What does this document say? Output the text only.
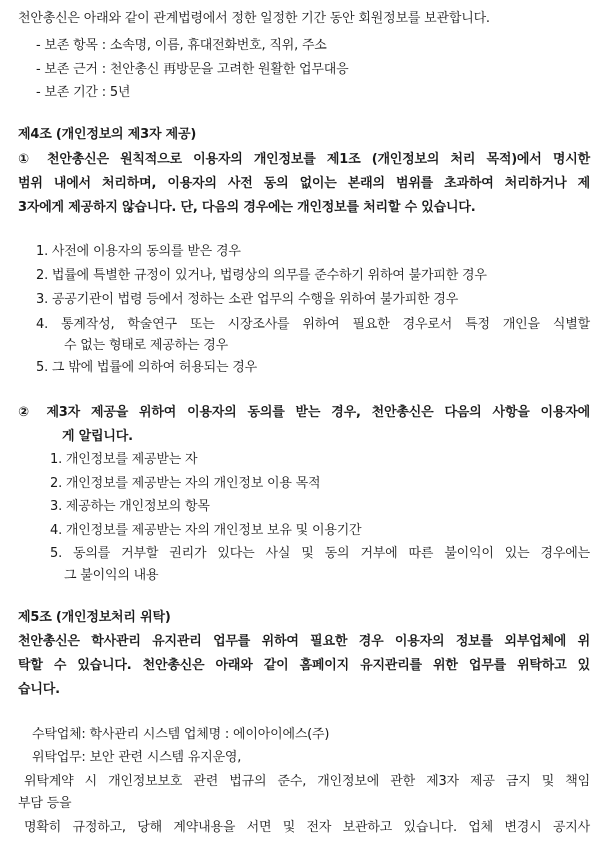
천안총신은 아래와 같이 관계법령에서 정한 일정한 기간 동안 회원정보를 보관합니다.
- 보존 항목 : 소속명, 이름, 휴대전화번호, 직위, 주소
- 보존 근거 : 천안총신 再방문을 고려한 원활한 업무대응
- 보존 기간 : 5년
제4조 (개인정보의 제3자 제공)
① 천안총신은 원칙적으로 이용자의 개인정보를 제1조 (개인정보의 처리 목적)에서 명시한
범위 내에서 처리하며, 이용자의 사전 동의 없이는 본래의 범위를 초과하여 처리하거나 제
3자에게 제공하지 않습니다. 단, 다음의 경우에는 개인정보를 처리할 수 있습니다.
1. 사전에 이용자의 동의를 받은 경우
2. 법률에 특별한 규정이 있거나, 법령상의 의무를 준수하기 위하여 불가피한 경우
3. 공공기관이 법령 등에서 정하는 소관 업무의 수행을 위하여 불가피한 경우
4. 통계작성, 학술연구 또는 시장조사를 위하여 필요한 경우로서 특정 개인을 식별할
수 없는 형태로 제공하는 경우
5. 그 밖에 법률에 의하여 허용되는 경우
② 제3자 제공을 위하여 이용자의 동의를 받는 경우, 천안총신은 다음의 사항을 이용자에
게 알립니다.
1. 개인정보를 제공받는 자
2. 개인정보를 제공받는 자의 개인정보 이용 목적
3. 제공하는 개인정보의 항목
4. 개인정보를 제공받는 자의 개인정보 보유 및 이용기간
5. 동의를 거부할 권리가 있다는 사실 및 동의 거부에 따른 불이익이 있는 경우에는
그 불이익의 내용
제5조 (개인정보처리 위탁)
천안총신은 학사관리 유지관리 업무를 위하여 필요한 경우 이용자의 정보를 외부업체에 위
탁할 수 있습니다. 천안총신은 아래와 같이 홈페이지 유지관리를 위한 업무를 위탁하고 있
습니다.
수탁업체: 학사관리 시스템 업체명 : 에이아이에스(주)
위탁업무: 보안 관련 시스템 유지운영,
위탁계약 시 개인정보보호 관련 법규의 준수, 개인정보에 관한 제3자 제공 금지 및 책임
부담 등을
명확히 규정하고, 당해 계약내용을 서면 및 전자 보관하고 있습니다. 업체 변경시 공지사
